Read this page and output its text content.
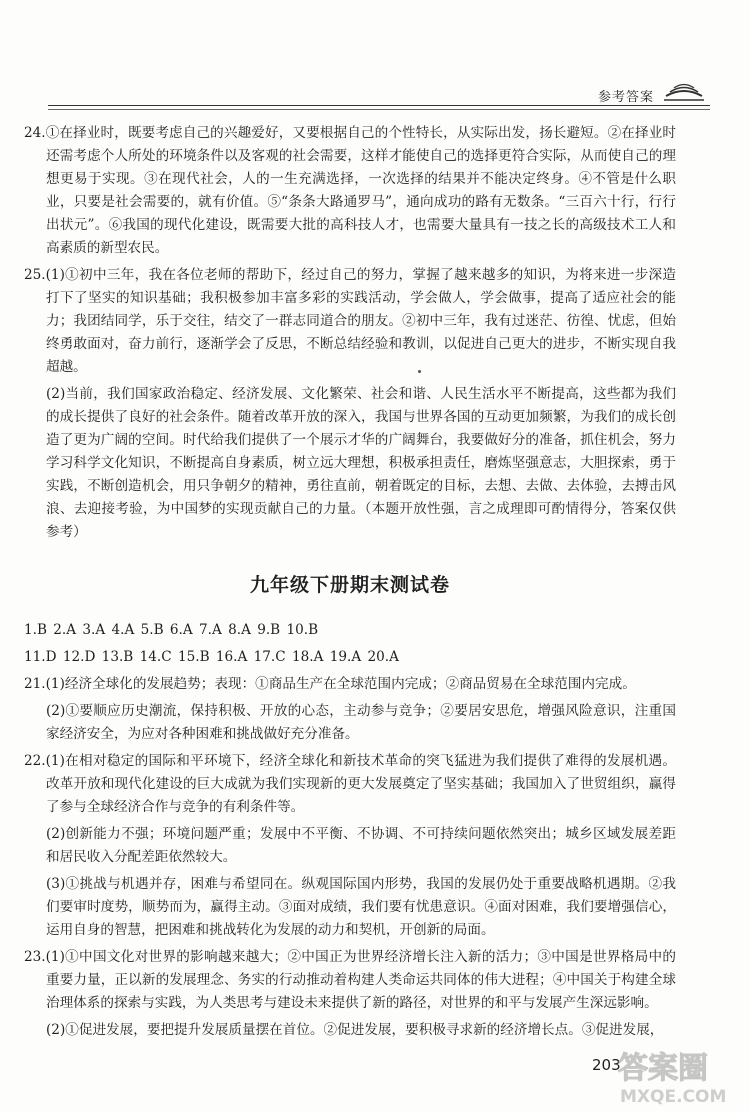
参考答案

24.①在择业时，既要考虑自己的兴趣爱好，又要根据自己的个性特长，从实际出发，扬长避短。②在择业时还需考虑个人所处的环境条件以及客观的社会需要，这样才能使自己的选择更符合实际，从而使自己的理想更易于实现。③在现代社会，人的一生充满选择，一次选择的结果并不能决定终身。④不管是什么职业，只要是社会需要的，就有价值。⑤“条条大路通罗马”，通向成功的路有无数条。“三百六十行，行行出状元”。⑥我国的现代化建设，既需要大批的高科技人才，也需要大量具有一技之长的高级技术工人和高素质的新型农民。

25.(1)①初中三年，我在各位老师的帮助下，经过自己的努力，掌握了越来越多的知识，为将来进一步深造打下了坚实的知识基础；我积极参加丰富多彩的实践活动，学会做人，学会做事，提高了适应社会的能力；我团结同学，乐于交往，结交了一群志同道合的朋友。②初中三年，我有过迷茫、彷徨、忧虑，但始终勇敢面对，奋力前行，逐渐学会了反思，不断总结经验和教训，以促进自己更大的进步，不断实现自我超越。

(2)当前，我们国家政治稳定、经济发展、文化繁荣、社会和谐、人民生活水平不断提高，这些都为我们的成长提供了良好的社会条件。随着改革开放的深入，我国与世界各国的互动更加频繁，为我们的成长创造了更为广阔的空间。时代给我们提供了一个展示才华的广阔舞台，我要做好分的准备，抓住机会，努力学习科学文化知识，不断提高自身素质，树立远大理想，积极承担责任，磨炼坚强意志，大胆探索，勇于实践，不断创造机会，用只争朝夕的精神，勇往直前，朝着既定的目标，去想、去做、去体验，去搏击风浪、去迎接考验，为中国梦的实现贡献自己的力量。（本题开放性强，言之成理即可酌情得分，答案仅供参考）

九年级下册期末测试卷

1.B 2.A 3.A 4.A 5.B 6.A 7.A 8.A 9.B 10.B

11.D 12.D 13.B 14.C 15.B 16.A 17.C 18.A 19.A 20.A

21.(1)经济全球化的发展趋势；表现：①商品生产在全球范围内完成；②商品贸易在全球范围内完成。

(2)①要顺应历史潮流，保持积极、开放的心态，主动参与竞争；②要居安思危，增强风险意识，注重国家经济安全，为应对各种困难和挑战做好充分准备。

22.(1)在相对稳定的国际和平环境下，经济全球化和新技术革命的突飞猛进为我们提供了难得的发展机遇。改革开放和现代化建设的巨大成就为我们实现新的更大发展奠定了坚实基础；我国加入了世贸组织，赢得了参与全球经济合作与竞争的有利条件等。

(2)创新能力不强；环境问题严重；发展中不平衡、不协调、不可持续问题依然突出；城乡区域发展差距和居民收入分配差距依然较大。

(3)①挑战与机遇并存，困难与希望同在。纵观国际国内形势，我国的发展仍处于重要战略机遇期。②我们要审时度势，顺势而为，赢得主动。③面对成绩，我们要有忧患意识。④面对困难，我们要增强信心，运用自身的智慧，把困难和挑战转化为发展的动力和契机，开创新的局面。

23.(1)①中国文化对世界的影响越来越大；②中国正为世界经济增长注入新的活力；③中国是世界格局中的重要力量，正以新的发展理念、务实的行动推动着构建人类命运共同体的伟大进程；④中国关于构建全球治理体系的探索与实践，为人类思考与建设未来提供了新的路径，对世界的和平与发展产生深远影响。

(2)①促进发展，要把提升发展质量摆在首位。②促进发展，要积极寻求新的经济增长点。③促进发展，

203
答案圈
MXQE.COM
